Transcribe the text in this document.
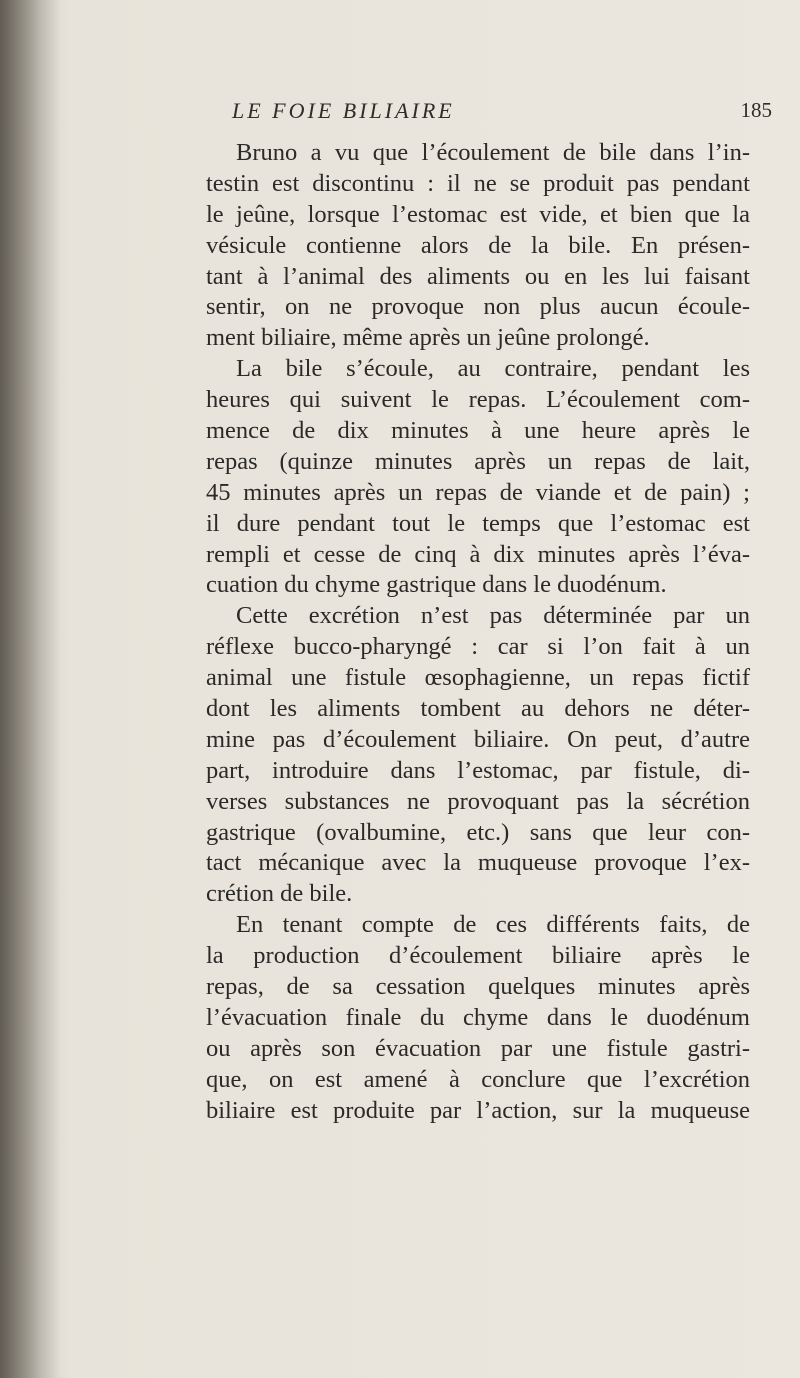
LE FOIE BILIAIRE	185
Bruno a vu que l’écoulement de bile dans l’in-
testin est discontinu : il ne se produit pas pendant
le jeûne, lorsque l’estomac est vide, et bien que la
vésicule contienne alors de la bile. En présen-
tant à l’animal des aliments ou en les lui faisant
sentir, on ne provoque non plus aucun écoule-
ment biliaire, même après un jeûne prolongé.
La bile s’écoule, au contraire, pendant les
heures qui suivent le repas. L’écoulement com-
mence de dix minutes à une heure après le
repas (quinze minutes après un repas de lait,
45 minutes après un repas de viande et de pain) ;
il dure pendant tout le temps que l’estomac est
rempli et cesse de cinq à dix minutes après l’éva-
cuation du chyme gastrique dans le duodénum.
Cette excrétion n’est pas déterminée par un
réflexe bucco-pharyngé : car si l’on fait à un
animal une fistule œsophagienne, un repas fictif
dont les aliments tombent au dehors ne déter-
mine pas d’écoulement biliaire. On peut, d’autre
part, introduire dans l’estomac, par fistule, di-
verses substances ne provoquant pas la sécrétion
gastrique (ovalbumine, etc.) sans que leur con-
tact mécanique avec la muqueuse provoque l’ex-
crétion de bile.
En tenant compte de ces différents faits, de
la production d’écoulement biliaire après le
repas, de sa cessation quelques minutes après
l’évacuation finale du chyme dans le duodénum
ou après son évacuation par une fistule gastri-
que, on est amené à conclure que l’excrétion
biliaire est produite par l’action, sur la muqueuse
